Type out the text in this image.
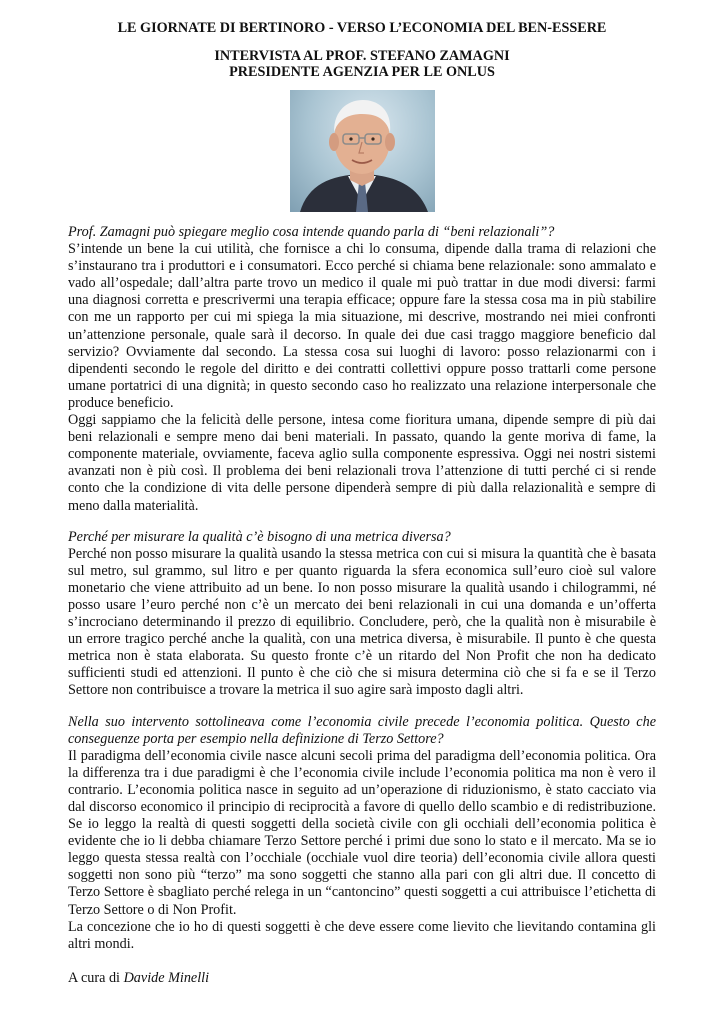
LE GIORNATE DI BERTINORO - VERSO L’ECONOMIA DEL BEN-ESSERE

INTERVISTA AL PROF. STEFANO ZAMAGNI
PRESIDENTE AGENZIA PER LE ONLUS

Prof. Zamagni può spiegare meglio cosa intende quando parla di “beni relazionali”?

S’intende un bene la cui utilità, che fornisce a chi lo consuma, dipende dalla trama di relazioni che s’instaurano tra i produttori e i consumatori. Ecco perché si chiama bene relazionale: sono ammalato e vado all’ospedale; dall’altra parte trovo un medico il quale mi può trattar in due modi diversi: farmi una diagnosi corretta e prescrivermi una terapia efficace; oppure fare la stessa cosa ma in più stabilire con me un rapporto per cui mi spiega la mia situazione, mi descrive, mostrando nei miei confronti un’attenzione personale, quale sarà il decorso. In quale dei due casi traggo maggiore beneficio dal servizio? Ovviamente dal secondo. La stessa cosa sui luoghi di lavoro: posso relazionarmi con i dipendenti secondo le regole del diritto e dei contratti collettivi oppure posso trattarli come persone umane portatrici di una dignità; in questo secondo caso ho realizzato una relazione interpersonale che produce beneficio.

Oggi sappiamo che la felicità delle persone, intesa come fioritura umana, dipende sempre di più dai beni relazionali e sempre meno dai beni materiali. In passato, quando la gente moriva di fame, la componente materiale, ovviamente, faceva aglio sulla componente espressiva. Oggi nei nostri sistemi avanzati non è più così. Il problema dei beni relazionali trova l’attenzione di tutti perché ci si rende conto che la condizione di vita delle persone dipenderà sempre di più dalla relazionalità e sempre di meno dalla materialità.

Perché per misurare la qualità c’è bisogno di una metrica diversa?

Perché non posso misurare la qualità usando la stessa metrica con cui si misura la quantità che è basata sul metro, sul grammo, sul litro e per quanto riguarda la sfera economica sull’euro cioè sul valore monetario che viene attribuito ad un bene. Io non posso misurare la qualità usando i chilogrammi, né posso usare l’euro perché non c’è un mercato dei beni relazionali in cui una domanda e un’offerta s’incrociano determinando il prezzo di equilibrio. Concludere, però, che la qualità non è misurabile è un errore tragico perché anche la qualità, con una metrica diversa, è misurabile. Il punto è che questa metrica non è stata elaborata. Su questo fronte c’è un ritardo del Non Profit che non ha dedicato sufficienti studi ed attenzioni. Il punto è che ciò che si misura determina ciò che si fa e se il Terzo Settore non contribuisce a trovare la metrica il suo agire sarà imposto dagli altri.

Nella suo intervento sottolineava come l’economia civile precede l’economia politica. Questo che conseguenze porta per esempio nella definizione di Terzo Settore?

Il paradigma dell’economia civile nasce alcuni secoli prima del paradigma dell’economia politica. Ora la differenza tra i due paradigmi è che l’economia civile include l’economia politica ma non è vero il contrario. L’economia politica nasce in seguito ad un’operazione di riduzionismo, è stato cacciato via dal discorso economico il principio di reciprocità a favore di quello dello scambio e di redistribuzione. Se io leggo la realtà di questi soggetti della società civile con gli occhiali dell’economia politica è evidente che io li debba chiamare Terzo Settore perché i primi due sono lo stato e il mercato. Ma se io leggo questa stessa realtà con l’occhiale (occhiale vuol dire teoria) dell’economia civile allora questi soggetti non sono più “terzo” ma sono soggetti che stanno alla pari con gli altri due. Il concetto di Terzo Settore è sbagliato perché relega in un “cantoncino” questi soggetti a cui attribuisce l’etichetta di Terzo Settore o di Non Profit.

La concezione che io ho di questi soggetti è che deve essere come lievito che lievitando contamina gli altri mondi.

A cura di Davide Minelli
